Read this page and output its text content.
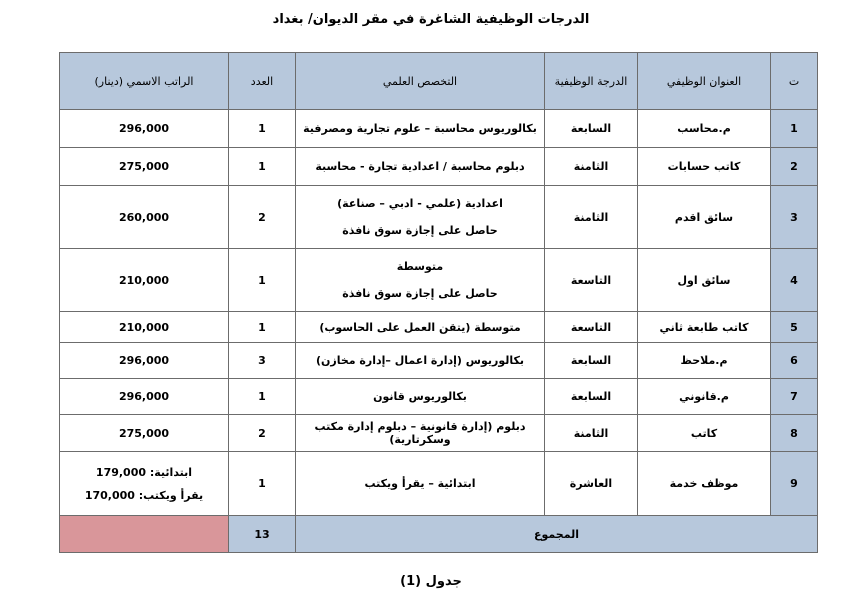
الدرجات الوظيفية الشاغرة في مقر الديوان/ بغداد
ت	العنوان الوظيفي	الدرجة الوظيفية	التخصص العلمي	العدد	الراتب الاسمي (دينار)
1	م.محاسب	السابعة	بكالوريوس محاسبة – علوم تجارية ومصرفية	1	296,000

2	كاتب حسابات	الثامنة	دبلوم محاسبة / اعدادية تجارة - محاسبة	1	275,000

3	سائق اقدم	الثامنة	اعدادية (علمي - ادبي – صناعة)
حاصل على إجازة سوق نافذة	2	260,000

4	سائق اول	التاسعة	متوسطة
حاصل على إجازة سوق نافذة	1	210,000

5	كاتب طابعة ثاني	التاسعة	متوسطة (يتقن العمل على الحاسوب)	1	210,000

6	م.ملاحظ	السابعة	بكالوريوس (إدارة اعمال –إدارة مخازن)	3	296,000

7	م.قانوني	السابعة	بكالوريوس قانون	1	296,000

8	كاتب	الثامنة	دبلوم (إدارة قانونية – دبلوم إدارة مكتب وسكرتارية)	2	275,000

9	موظف خدمة	العاشرة	ابتدائية – يقرأ ويكتب	1	ابتدائية: 179,000
يقرأ ويكتب: 170,000

المجموع				13	
جدول (1)
